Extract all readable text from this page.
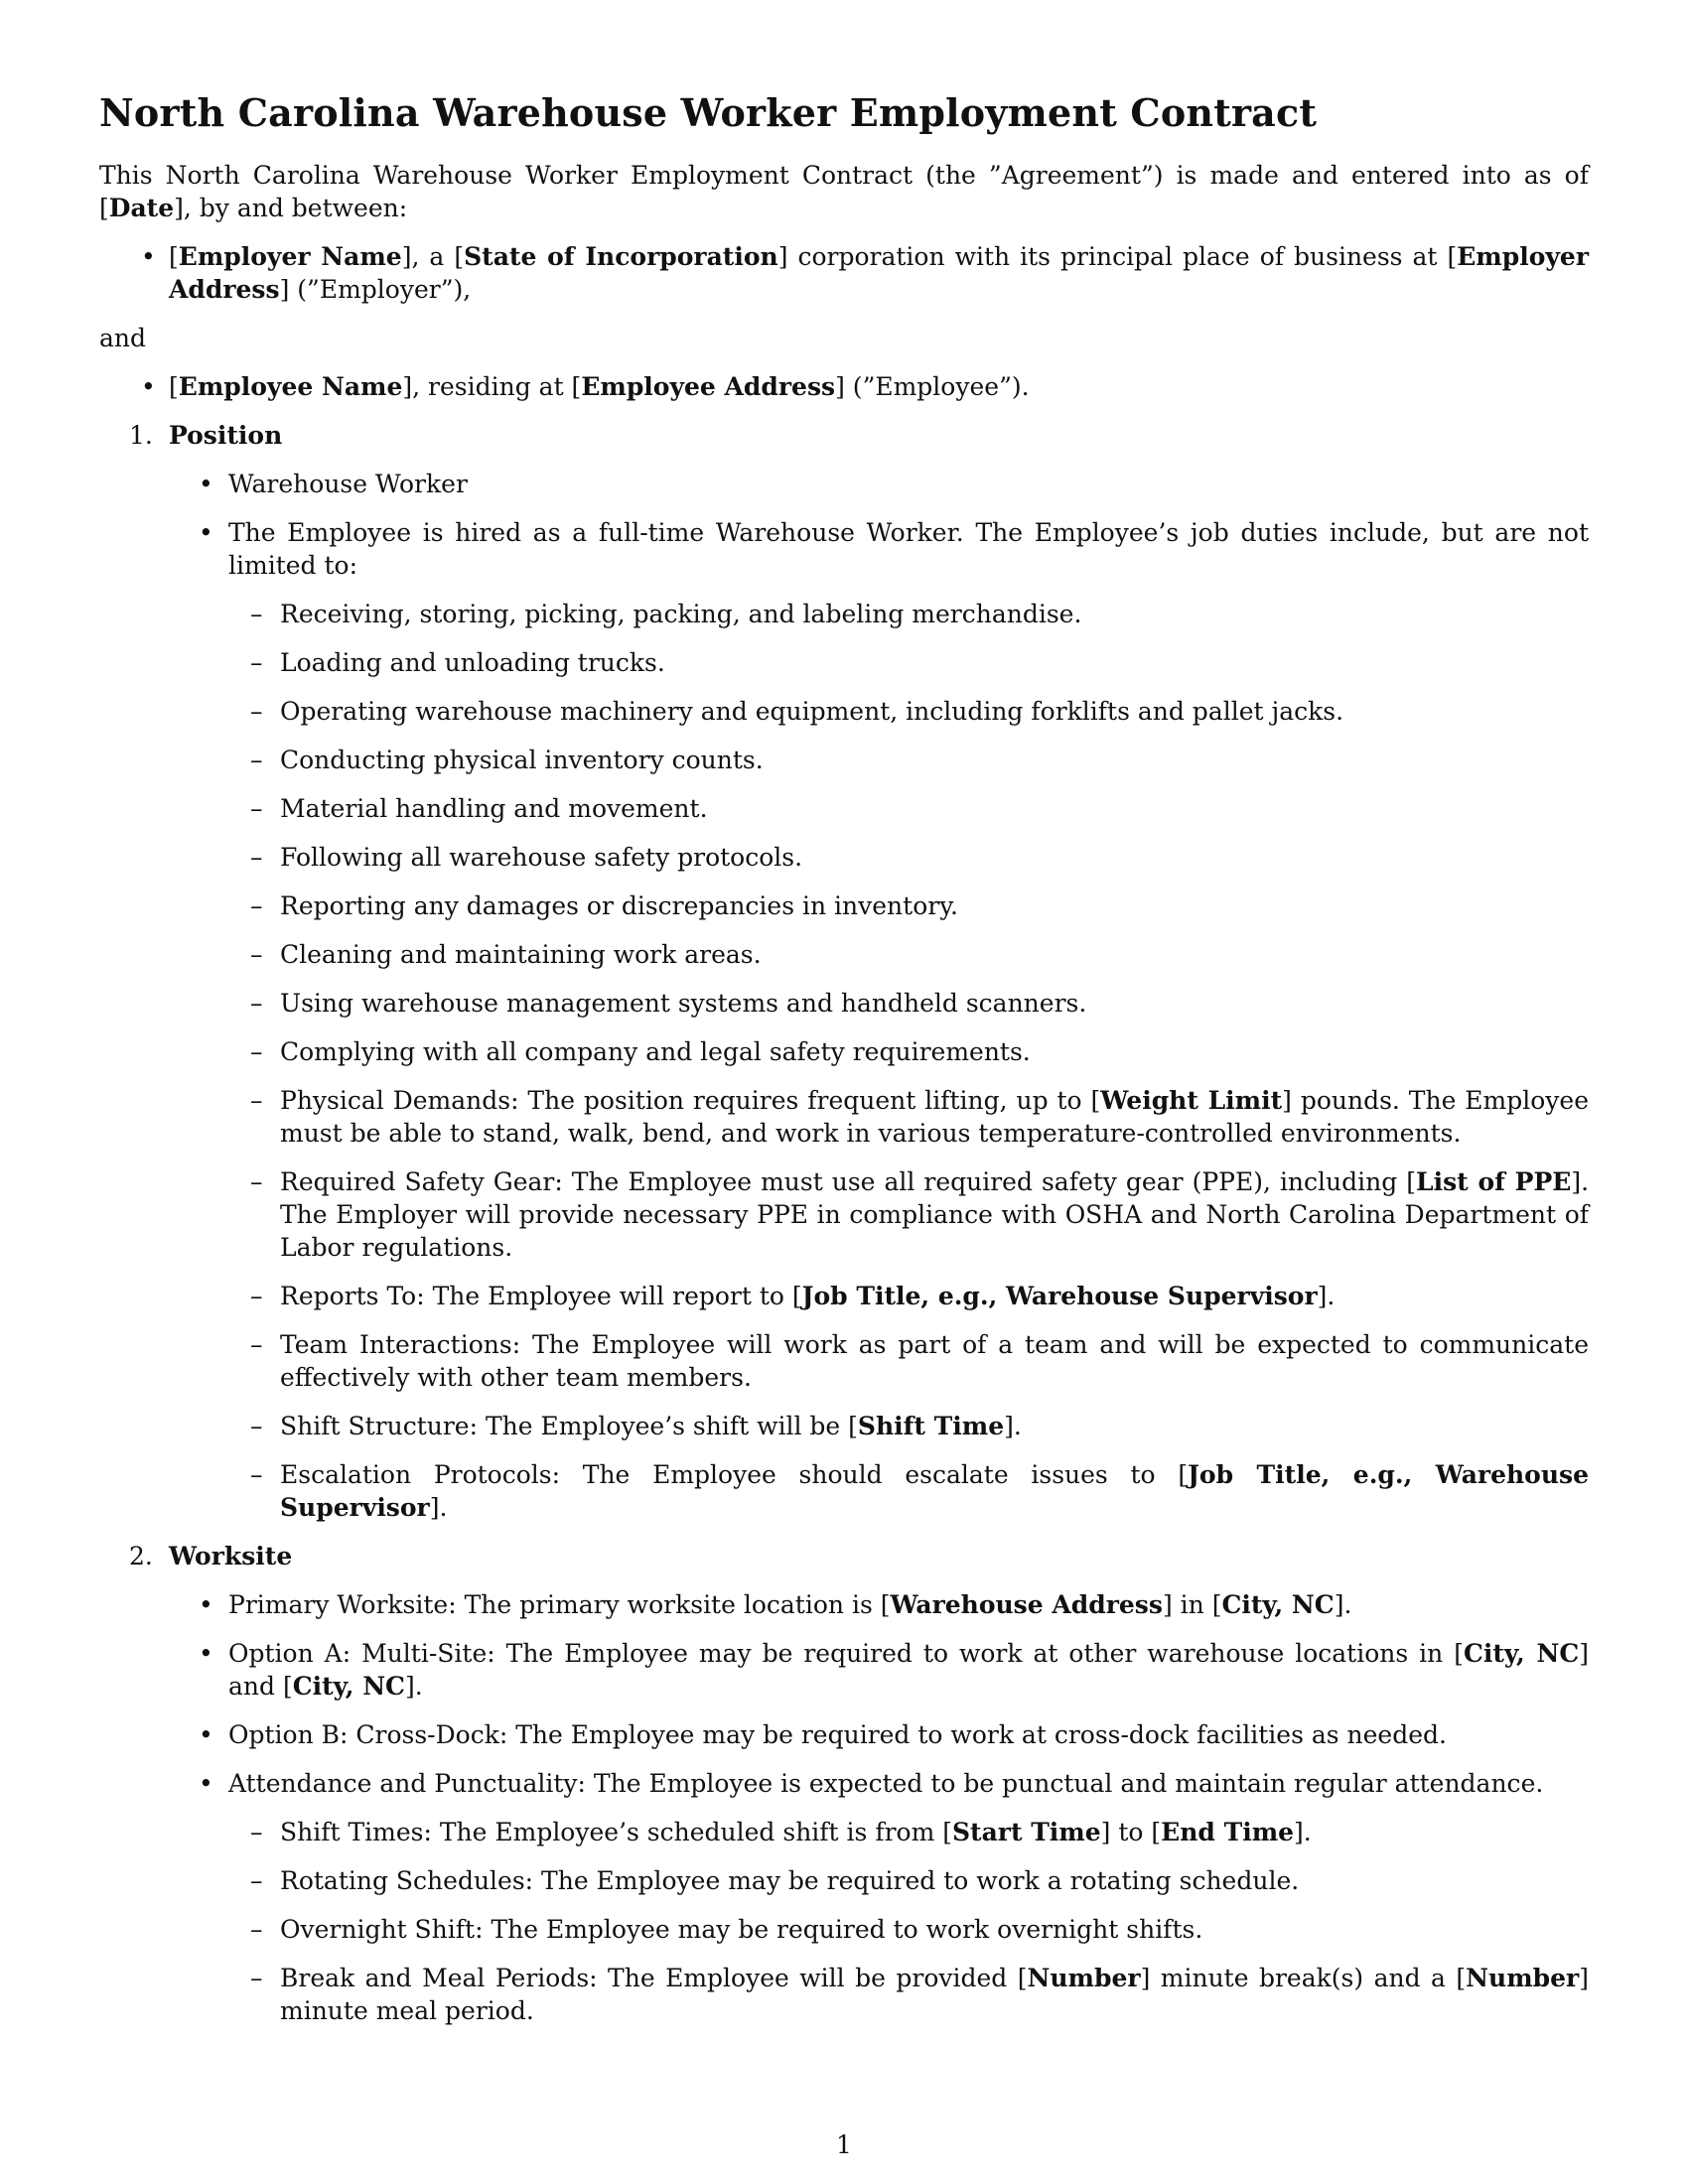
North Carolina Warehouse Worker Employment Contract

This North Carolina Warehouse Worker Employment Contract (the ”Agreement”) is made and entered into as of [Date], by and between:

• [Employer Name], a [State of Incorporation] corporation with its principal place of business at [Employer Address] (”Employer”),

and

• [Employee Name], residing at [Employee Address] (”Employee”).
1. Position
• Warehouse Worker
• The Employee is hired as a full-time Warehouse Worker. The Employee’s job duties include, but are not limited to:
– Receiving, storing, picking, packing, and labeling merchandise.
– Loading and unloading trucks.
– Operating warehouse machinery and equipment, including forklifts and pallet jacks.
– Conducting physical inventory counts.
– Material handling and movement.
– Following all warehouse safety protocols.
– Reporting any damages or discrepancies in inventory.
– Cleaning and maintaining work areas.
– Using warehouse management systems and handheld scanners.
– Complying with all company and legal safety requirements.
– Physical Demands: The position requires frequent lifting, up to [Weight Limit] pounds. The Employee must be able to stand, walk, bend, and work in various temperature-controlled environments.
– Required Safety Gear: The Employee must use all required safety gear (PPE), including [List of PPE]. The Employer will provide necessary PPE in compliance with OSHA and North Carolina Department of Labor regulations.
– Reports To: The Employee will report to [Job Title, e.g., Warehouse Supervisor].
– Team Interactions: The Employee will work as part of a team and will be expected to communicate effectively with other team members.
– Shift Structure: The Employee’s shift will be [Shift Time].
– Escalation Protocols: The Employee should escalate issues to [Job Title, e.g., Warehouse Supervisor].
2. Worksite
• Primary Worksite: The primary worksite location is [Warehouse Address] in [City, NC].
• Option A: Multi-Site: The Employee may be required to work at other warehouse locations in [City, NC] and [City, NC].
• Option B: Cross-Dock: The Employee may be required to work at cross-dock facilities as needed.
• Attendance and Punctuality: The Employee is expected to be punctual and maintain regular attendance.
– Shift Times: The Employee’s scheduled shift is from [Start Time] to [End Time].
– Rotating Schedules: The Employee may be required to work a rotating schedule.
– Overnight Shift: The Employee may be required to work overnight shifts.
– Break and Meal Periods: The Employee will be provided [Number] minute break(s) and a [Number] minute meal period.
1
